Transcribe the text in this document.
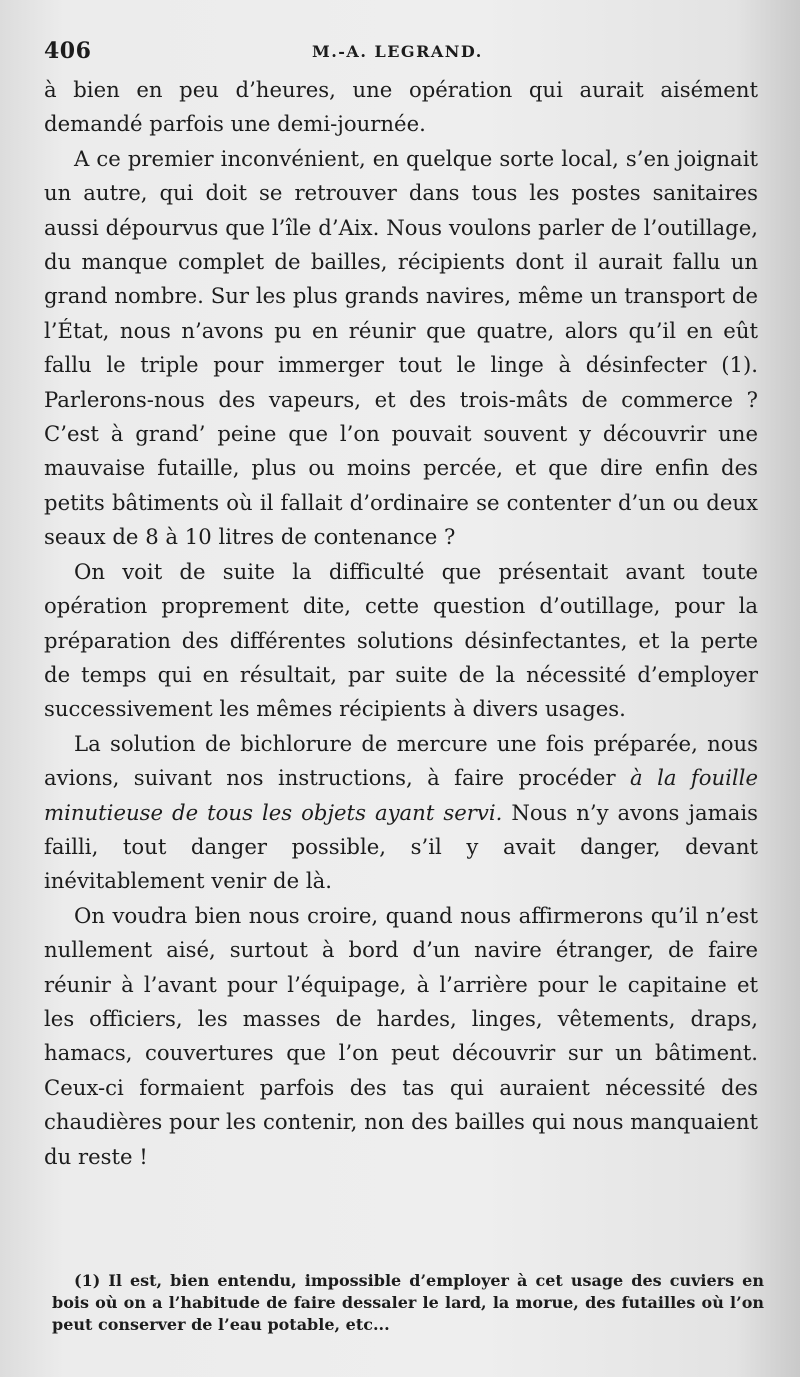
406	M.-A. LEGRAND.

à bien en peu d’heures, une opération qui aurait aisément demandé parfois une demi-journée.

A ce premier inconvénient, en quelque sorte local, s’en joignait un autre, qui doit se retrouver dans tous les postes sanitaires aussi dépourvus que l’île d’Aix. Nous voulons parler de l’outillage, du manque complet de bailles, récipients dont il aurait fallu un grand nombre. Sur les plus grands navires, même un transport de l’État, nous n’avons pu en réunir que quatre, alors qu’il en eût fallu le triple pour immerger tout le linge à désinfecter (1). Parlerons-nous des vapeurs, et des trois-mâts de commerce ? C’est à grand’ peine que l’on pouvait souvent y découvrir une mauvaise futaille, plus ou moins percée, et que dire enfin des petits bâtiments où il fallait d’ordinaire se contenter d’un ou deux seaux de 8 à 10 litres de contenance ?

On voit de suite la difficulté que présentait avant toute opération proprement dite, cette question d’outillage, pour la préparation des différentes solutions désinfectantes, et la perte de temps qui en résultait, par suite de la nécessité d’employer successivement les mêmes récipients à divers usages.

La solution de bichlorure de mercure une fois préparée, nous avions, suivant nos instructions, à faire procéder à la fouille minutieuse de tous les objets ayant servi. Nous n’y avons jamais failli, tout danger possible, s’il y avait danger, devant inévitablement venir de là.

On voudra bien nous croire, quand nous affirmerons qu’il n’est nullement aisé, surtout à bord d’un navire étranger, de faire réunir à l’avant pour l’équipage, à l’arrière pour le capitaine et les officiers, les masses de hardes, linges, vêtements, draps, hamacs, couvertures que l’on peut découvrir sur un bâtiment. Ceux-ci formaient parfois des tas qui auraient nécessité des chaudières pour les contenir, non des bailles qui nous manquaient du reste !

(1) Il est, bien entendu, impossible d’employer à cet usage des cuviers en bois où on a l’habitude de faire dessaler le lard, la morue, des futailles où l’on peut conserver de l’eau potable, etc...
